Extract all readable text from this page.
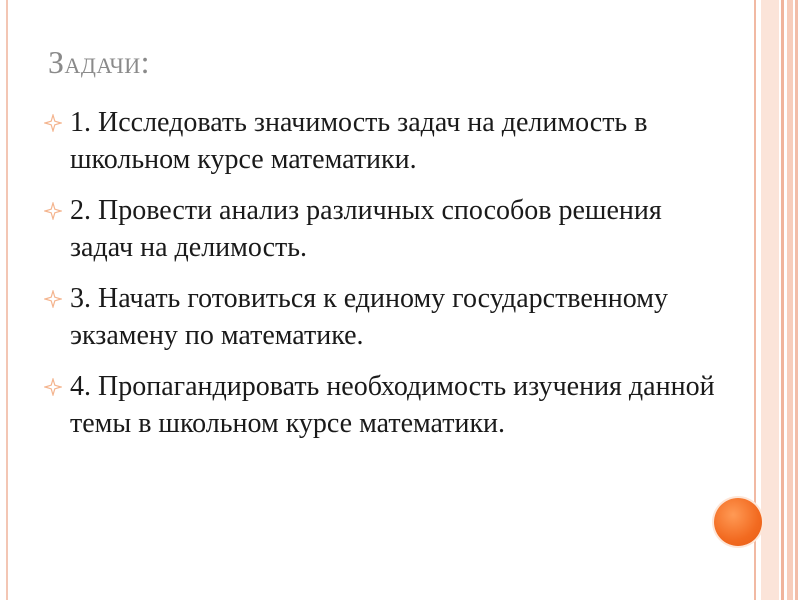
Задачи:
1. Исследовать значимость задач на делимость в школьном курсе математики.
2. Провести анализ различных способов решения задач на делимость.
3. Начать готовиться к единому государственному экзамену по математике.
4. Пропагандировать необходимость изучения данной темы в школьном курсе математики.
